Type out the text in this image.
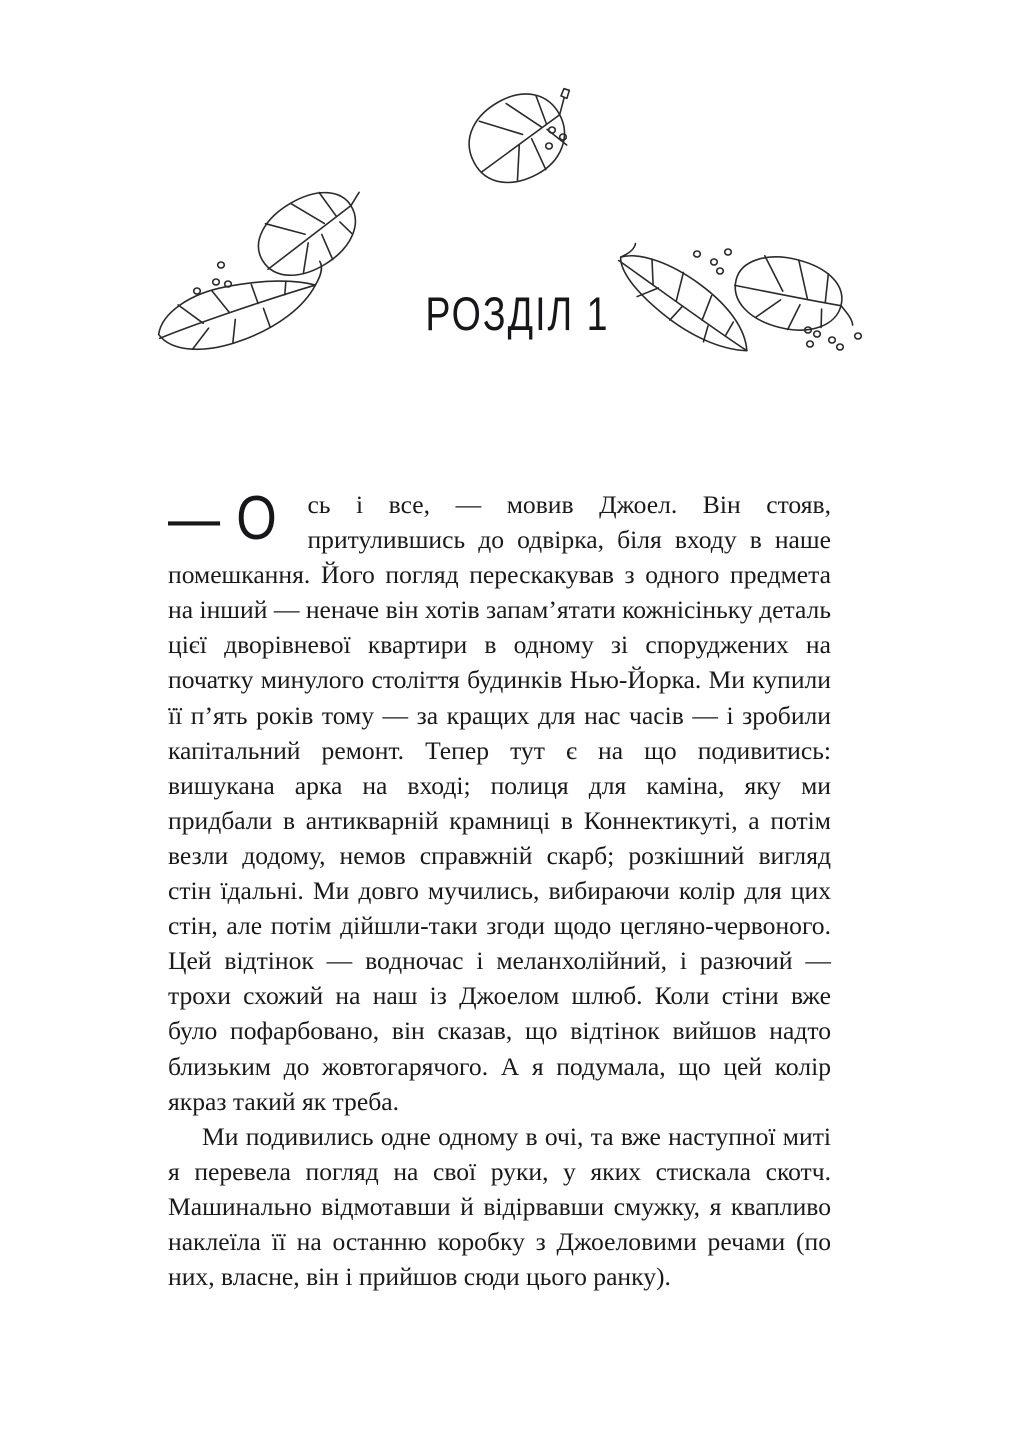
РОЗДІЛ 1

— О сь і все, — мовив Джоел. Він стояв, притулившись до одвірка, біля входу в наше помешкання. Його погляд перескакував з одного предмета на інший — неначе він хотів запам’ятати кожнісіньку деталь цієї дворівневої квартири в одному зі споруджених на початку минулого століття будинків Нью-Йорка. Ми купили її п’ять років тому — за кращих для нас часів — і зробили капітальний ремонт. Тепер тут є на що подивитись: вишукана арка на вході; полиця для каміна, яку ми придбали в антикварній крамниці в Коннектикуті, а потім везли додому, немов справжній скарб; розкішний вигляд стін їдальні. Ми довго мучились, вибираючи колір для цих стін, але потім дійшли-таки згоди щодо цегляно-червоного. Цей відтінок — водночас і меланхолійний, і разючий — трохи схожий на наш із Джоелом шлюб. Коли стіни вже було пофарбовано, він сказав, що відтінок вийшов надто близьким до жовтогарячого. А я подумала, що цей колір якраз такий як треба.

Ми подивились одне одному в очі, та вже наступної миті я перевела погляд на свої руки, у яких стискала скотч. Машинально відмотавши й відірвавши смужку, я квапливо наклеїла її на останню коробку з Джоеловими речами (по них, власне, він і прийшов сюди цього ранку).
